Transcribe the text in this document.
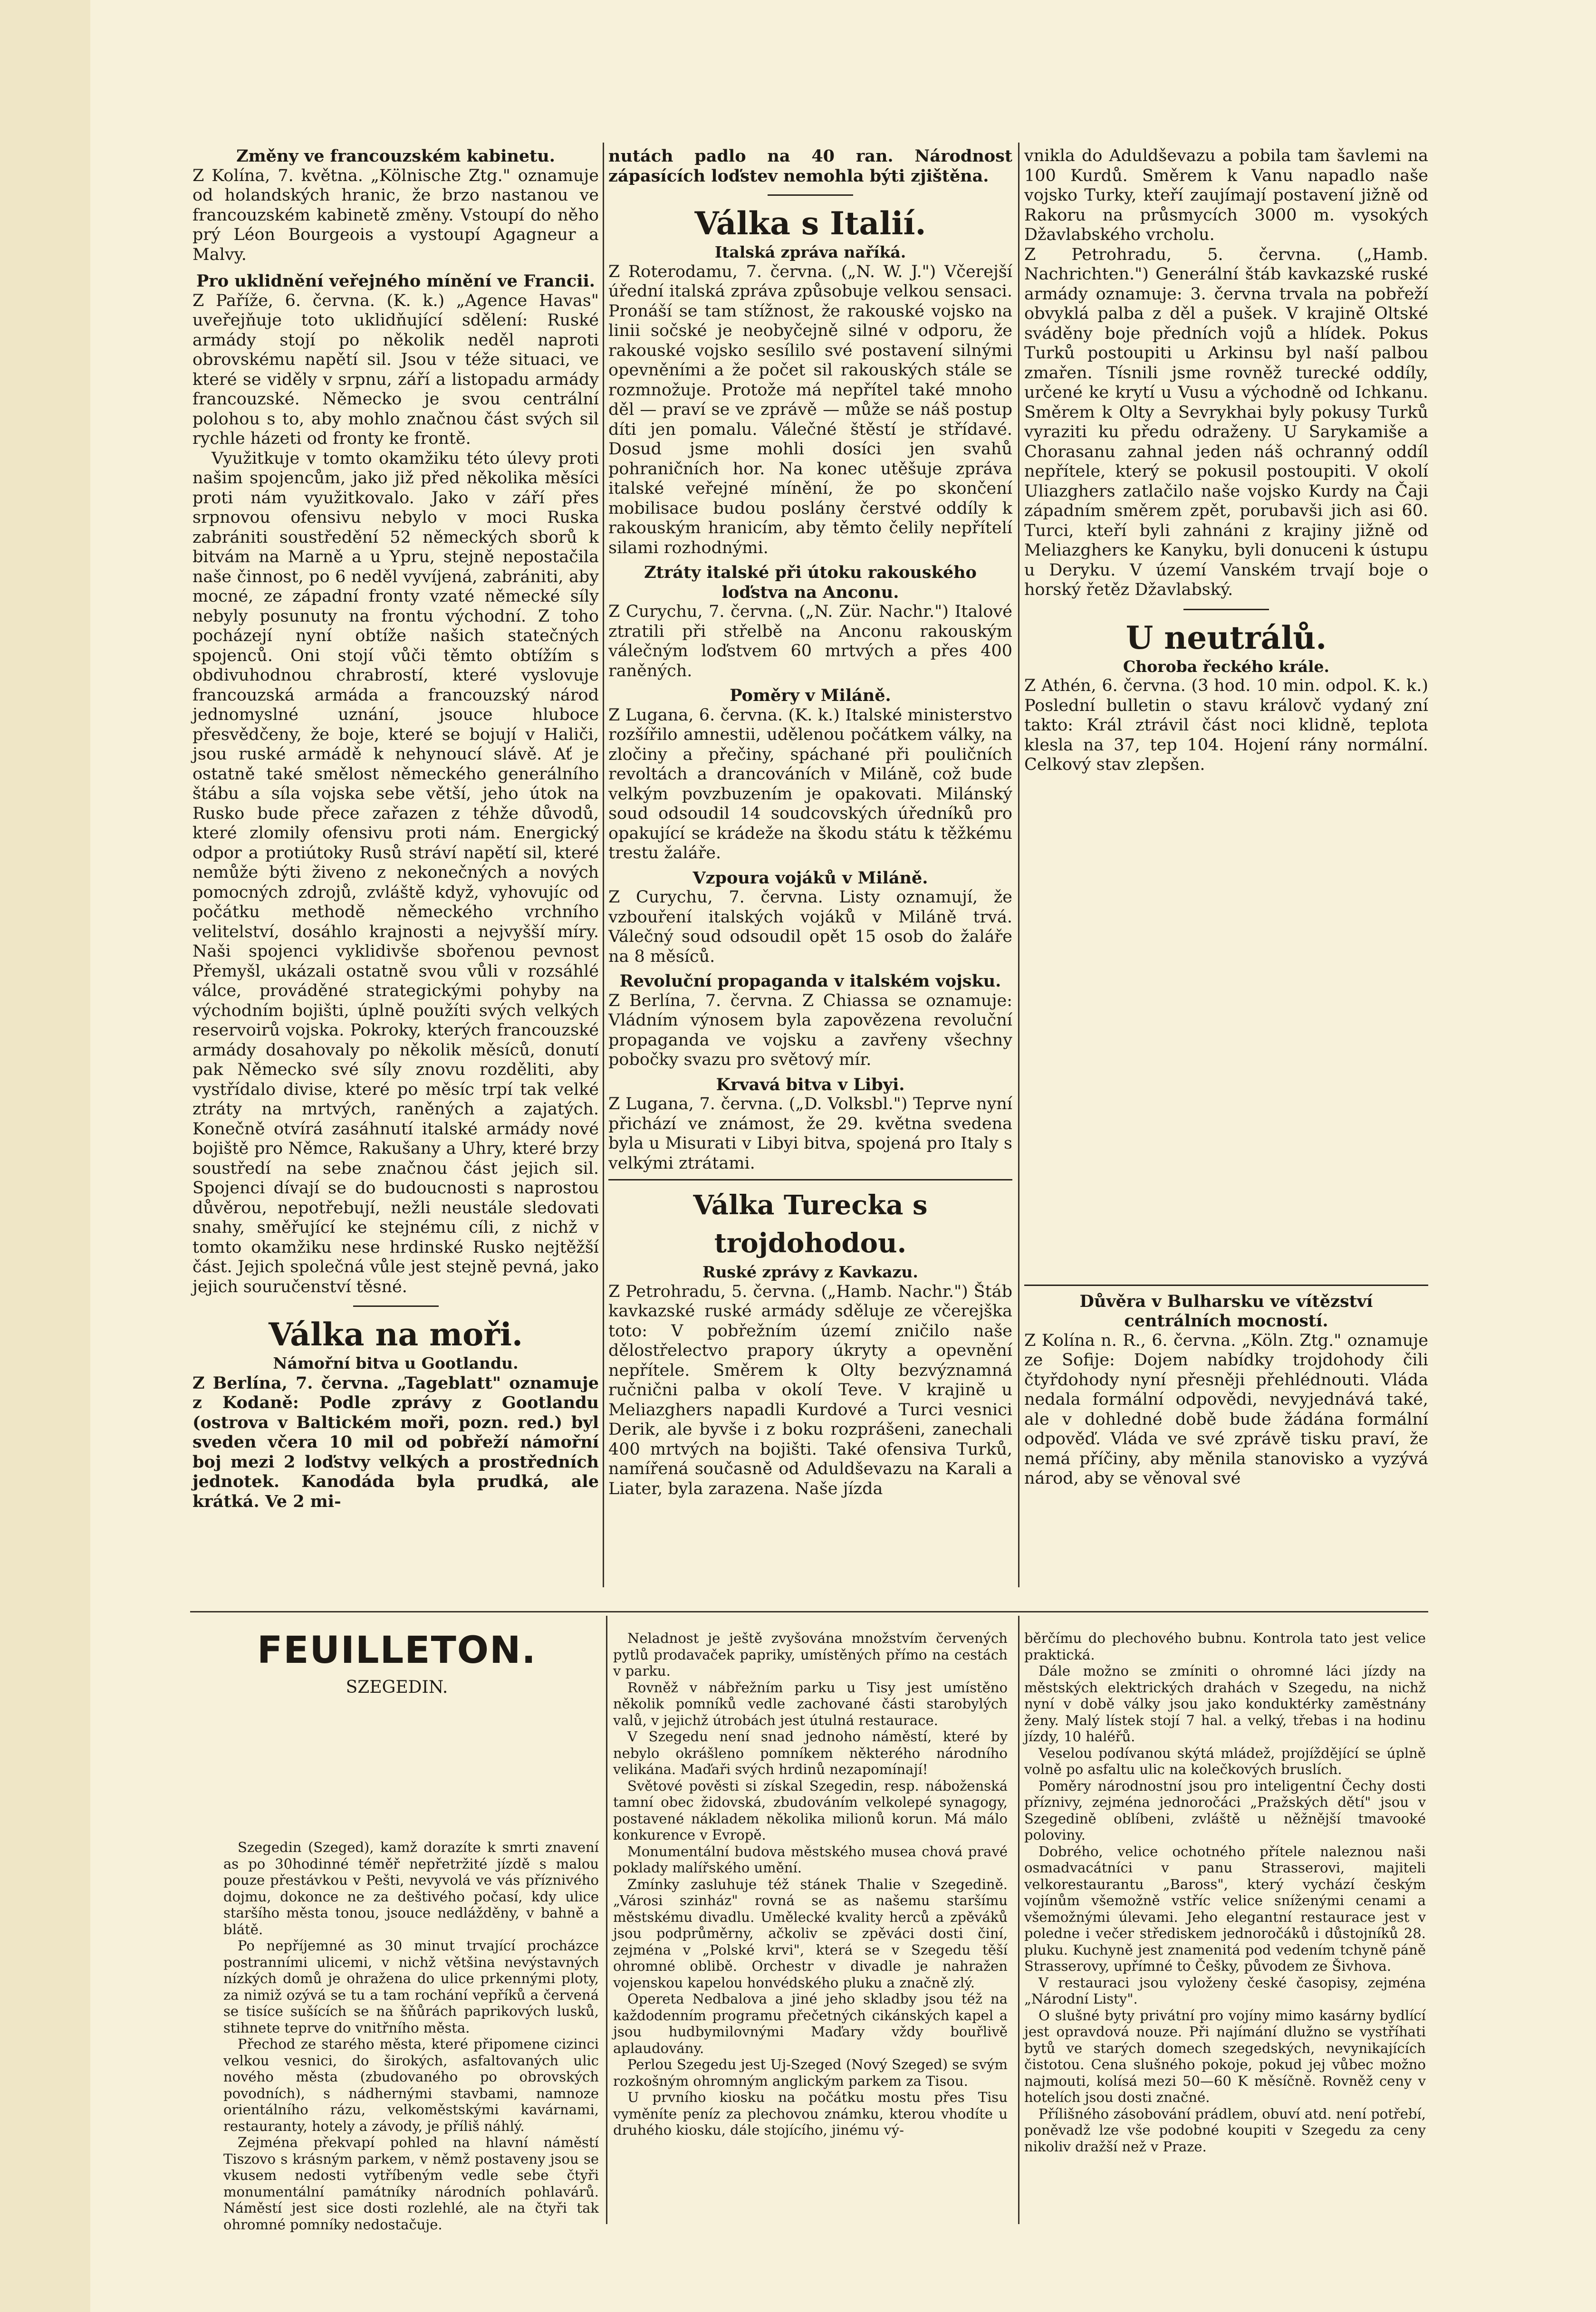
Změny ve francouzském kabinetu.

Z Kolína, 7. května. „Kölnische Ztg." oznamuje od holandských hranic, že brzo nastanou ve francouzském kabinetě změny. Vstoupí do něho prý Léon Bourgeois a vystoupí Agagneur a Malvy.

Pro uklidnění veřejného mínění ve Francii.

Z Paříže, 6. června. (K. k.) „Agence Havas" uveřejňuje toto uklidňující sdělení: Ruské armády stojí po několik neděl naproti obrovskému napětí sil. Jsou v téže situaci, ve které se viděly v srpnu, září a listopadu armády francouzské. Německo je svou centrální polohou s to, aby mohlo značnou část svých sil rychle házeti od fronty ke frontě.

Využitkuje v tomto okamžiku této úlevy proti našim spojencům, jako již před několika měsíci proti nám využitkovalo. Jako v září přes srpnovou ofensivu nebylo v moci Ruska zabrániti soustředění 52 německých sborů k bitvám na Marně a u Ypru, stejně nepostačila naše činnost, po 6 neděl vyvíjená, zabrániti, aby mocné, ze západní fronty vzaté německé síly nebyly posunuty na frontu východní. Z toho pocházejí nyní obtíže našich statečných spojenců. Oni stojí vůči těmto obtížím s obdivuhodnou chrabrostí, které vyslovuje francouzská armáda a francouzský národ jednomyslné uznání, jsouce hluboce přesvědčeny, že boje, které se bojují v Haliči, jsou ruské armádě k nehynoucí slávě. Ať je ostatně také smělost německého generálního štábu a síla vojska sebe větší, jeho útok na Rusko bude přece zařazen z téhže důvodů, které zlomily ofensivu proti nám. Energický odpor a protiútoky Rusů stráví napětí sil, které nemůže býti živeno z nekonečných a nových pomocných zdrojů, zvláště když, vyhovujíc od počátku methodě německého vrchního velitelství, dosáhlo krajnosti a nejvyšší míry. Naši spojenci vyklidivše sbořenou pevnost Přemyšl, ukázali ostatně svou vůli v rozsáhlé válce, prováděné strategickými pohyby na východním bojišti, úplně použíti svých velkých reservoirů vojska. Pokroky, kterých francouzské armády dosahovaly po několik měsíců, donutí pak Německo své síly znovu rozděliti, aby vystřídalo divise, které po měsíc trpí tak velké ztráty na mrtvých, raněných a zajatých. Konečně otvírá zasáhnutí italské armády nové bojiště pro Němce, Rakušany a Uhry, které brzy soustředí na sebe značnou část jejich sil. Spojenci dívají se do budoucnosti s naprostou důvěrou, nepotřebují, nežli neustále sledovati snahy, směřující ke stejnému cíli, z nichž v tomto okamžiku nese hrdinské Rusko nejtěžší část. Jejich společná vůle jest stejně pevná, jako jejich souručenství těsné.

Válka na moři.

Námořní bitva u Gootlandu.

Z Berlína, 7. června. „Tageblatt" oznamuje z Kodaně: Podle zprávy z Gootlandu (ostrova v Baltickém moři, pozn. red.) byl sveden včera 10 mil od pobřeží námořní boj mezi 2 loďstvy velkých a prostředních jednotek. Kanodáda byla prudká, ale krátká. Ve 2 mi-

nutách padlo na 40 ran. Národnost zápasících loďstev nemohla býti zjištěna.

Válka s Italií.

Italská zpráva naříká.

Z Roterodamu, 7. června. („N. W. J.") Včerejší úřední italská zpráva způsobuje velkou sensaci. Pronáší se tam stížnost, že rakouské vojsko na linii sočské je neobyčejně silné v odporu, že rakouské vojsko sesílilo své postavení silnými opevněními a že počet sil rakouských stále se rozmnožuje. Protože má nepřítel také mnoho děl — praví se ve zprávě — může se náš postup díti jen pomalu. Válečné štěstí je střídavé. Dosud jsme mohli dosíci jen svahů pohraničních hor. Na konec utěšuje zpráva italské veřejné mínění, že po skončení mobilisace budou poslány čerstvé oddíly k rakouským hranicím, aby těmto čelily nepřítelí silami rozhodnými.

Ztráty italské při útoku rakouského loďstva na Anconu.

Z Curychu, 7. června. („N. Zür. Nachr.") Italové ztratili při střelbě na Anconu rakouským válečným loďstvem 60 mrtvých a přes 400 raněných.

Poměry v Miláně.

Z Lugana, 6. června. (K. k.) Italské ministerstvo rozšířilo amnestii, udělenou počátkem války, na zločiny a přečiny, spáchané při pouličních revoltách a drancováních v Miláně, což bude velkým povzbuzením je opakovati. Milánský soud odsoudil 14 soudcovských úředníků pro opakující se krádeže na škodu státu k těžkému trestu žaláře.

Vzpoura vojáků v Miláně.

Z Curychu, 7. června. Listy oznamují, že vzbouření italských vojáků v Miláně trvá. Válečný soud odsoudil opět 15 osob do žaláře na 8 měsíců.

Revoluční propaganda v italském vojsku.

Z Berlína, 7. června. Z Chiassa se oznamuje: Vládním výnosem byla zapovězena revoluční propaganda ve vojsku a zavřeny všechny pobočky svazu pro světový mír.

Krvavá bitva v Libyi.

Z Lugana, 7. června. („D. Volksbl.") Teprve nyní přichází ve známost, že 29. května svedena byla u Misurati v Libyi bitva, spojená pro Italy s velkými ztrátami.

Válka Turecka s trojdohodou.

Ruské zprávy z Kavkazu.

Z Petrohradu, 5. června. („Hamb. Nachr.") Štáb kavkazské ruské armády sděluje ze včerejška toto: V pobřežním území zničilo naše dělostřelectvo prapory úkryty a opevnění nepřítele. Směrem k Olty bezvýznamná ručnični palba v okolí Teve. V krajině u Meliazghers napadli Kurdové a Turci vesnici Derik, ale byvše i z boku rozprášeni, zanechali 400 mrtvých na bojišti. Také ofensiva Turků, namířená současně od Aduldševazu na Karali a Liater, byla zarazena. Naše jízda

vnikla do Aduldševazu a pobila tam šavlemi na 100 Kurdů. Směrem k Vanu napadlo naše vojsko Turky, kteří zaujímají postavení jižně od Rakoru na průsmycích 3000 m. vysokých Džavlabského vrcholu.

Z Petrohradu, 5. června. („Hamb. Nachrichten.") Generální štáb kavkazské ruské armády oznamuje: 3. června trvala na pobřeží obvyklá palba z děl a pušek. V krajině Oltské sváděny boje předních vojů a hlídek. Pokus Turků postoupiti u Arkinsu byl naší palbou zmařen. Tísnili jsme rovněž turecké oddíly, určené ke krytí u Vusu a východně od Ichkanu. Směrem k Olty a Sevrykhai byly pokusy Turků vyraziti ku předu odraženy. U Sarykamiše a Chorasanu zahnal jeden náš ochranný oddíl nepřítele, který se pokusil postoupiti. V okolí Uliazghers zatlačilo naše vojsko Kurdy na Čaji západním směrem zpět, porubavši jich asi 60. Turci, kteří byli zahnáni z krajiny jižně od Meliazghers ke Kanyku, byli donuceni k ústupu u Deryku. V území Vanském trvají boje o horský řetěz Džavlabský.

U neutrálů.

Choroba řeckého krále.

Z Athén, 6. června. (3 hod. 10 min. odpol. K. k.) Poslední bulletin o stavu královč vydaný zní takto: Král ztrávil část noci klidně, teplota klesla na 37, tep 104. Hojení rány normální. Celkový stav zlepšen.

Důvěra v Bulharsku ve vítězství centrálních mocností.

Z Kolína n. R., 6. června. „Köln. Ztg." oznamuje ze Sofije: Dojem nabídky trojdohody čili čtyřdohody nyní přesněji přehlédnouti. Vláda nedala formální odpovědi, nevyjednává také, ale v dohledné době bude žádána formální odpověď. Vláda ve své zprávě tisku praví, že nemá příčiny, aby měnila stanovisko a vyzývá národ, aby se věnoval své

FEUILLETON.
SZEGEDIN.

Szegedin (Szeged), kamž dorazíte k smrti znavení as po 30hodinné téměř nepřetržité jízdě s malou pouze přestávkou v Pešti, nevyvolá ve vás příznivého dojmu, dokonce ne za deštivého počasí, kdy ulice staršího města tonou, jsouce nedlážděny, v bahně a blátě.

Po nepříjemné as 30 minut trvající procházce postranními ulicemi, v nichž většina nevýstavných nízkých domů je ohražena do ulice prkennými ploty, za nimiž ozývá se tu a tam rochání vepříků a červená se tisíce sušících se na šňůrách paprikových lusků, stihnete teprve do vnitřního města.

Přechod ze starého města, které připomene cizinci velkou vesnici, do širokých, asfaltovaných ulic nového města (zbudovaného po obrovských povodních), s nádhernými stavbami, namnoze orientálního rázu, velkoměstskými kavárnami, restauranty, hotely a závody, je příliš náhlý.

Zejména překvapí pohled na hlavní náměstí Tiszovo s krásným parkem, v němž postaveny jsou se vkusem nedosti vytříbeným vedle sebe čtyři monumentální památníky národních pohlavárů. Náměstí jest sice dosti rozlehlé, ale na čtyři tak ohromné pomníky nedostačuje.

Neladnost je ještě zvyšována množstvím červených pytlů prodavaček papriky, umístěných přímo na cestách v parku.

Rovněž v nábřežním parku u Tisy jest umístěno několik pomníků vedle zachované části starobylých valů, v jejichž útrobách jest útulná restaurace.

V Szegedu není snad jednoho náměstí, které by nebylo okrášleno pomníkem některého národního velikána. Maďaři svých hrdinů nezapomínají!

Světové pověsti si získal Szegedin, resp. náboženská tamní obec židovská, zbudováním velkolepé synagogy, postavené nákladem několika milionů korun. Má málo konkurence v Evropě.

Monumentální budova městského musea chová pravé poklady malířského umění.

Zmínky zasluhuje též stánek Thalie v Szegedině. „Városi szinház" rovná se as našemu staršímu městskému divadlu. Umělecké kvality herců a zpěváků jsou podprůměrny, ačkoliv se zpěváci dosti činí, zejména v „Polské krvi", která se v Szegedu těší ohromné oblibě. Orchestr v divadle je nahražen vojenskou kapelou honvédského pluku a značně zlý.

Opereta Nedbalova a jiné jeho skladby jsou též na každodenním programu přečetných cikánských kapel a jsou hudbymilovnými Maďary vždy bouřlivě aplaudovány.

Perlou Szegedu jest Uj-Szeged (Nový Szeged) se svým rozkošným ohromným anglickým parkem za Tisou.

U prvního kiosku na počátku mostu přes Tisu vyměníte peníz za plechovou známku, kterou vhodíte u druhého kiosku, dále stojícího, jinému vý-

běrčímu do plechového bubnu. Kontrola tato jest velice praktická.

Dále možno se zmíniti o ohromné láci jízdy na městských elektrických drahách v Szegedu, na nichž nyní v době války jsou jako konduktérky zaměstnány ženy. Malý lístek stojí 7 hal. a velký, třebas i na hodinu jízdy, 10 haléřů.

Veselou podívanou skýtá mládež, projíždějící se úplně volně po asfaltu ulic na kolečkových bruslích.

Poměry národnostní jsou pro inteligentní Čechy dosti příznivy, zejména jednoročáci „Pražských dětí" jsou v Szegedině oblíbeni, zvláště u něžnější tmavooké poloviny.

Dobrého, velice ochotného přítele naleznou naši osmadvacátníci v panu Strasserovi, majiteli velkorestaurantu „Baross", který vychází českým vojínům všemožně vstříc velice sníženými cenami a všemožnými úlevami. Jeho elegantní restaurace jest v poledne i večer střediskem jednoročáků i důstojníků 28. pluku. Kuchyně jest znamenitá pod vedením tchyně páně Strasserovy, upřímné to Češky, původem ze Šivhova.

V restauraci jsou vyloženy české časopisy, zejména „Národní Listy".

O slušné byty privátní pro vojíny mimo kasárny bydlící jest opravdová nouze. Při najímání dlužno se vystříhati bytů ve starých domech szegedských, nevynikajících čistotou. Cena slušného pokoje, pokud jej vůbec možno najmouti, kolísá mezi 50—60 K měsíčně. Rovněž ceny v hotelích jsou dosti značné.

Přílišného zásobování prádlem, obuví atd. není potřebí, poněvadž lze vše podobné koupiti v Szegedu za ceny nikoliv dražší než v Praze.
